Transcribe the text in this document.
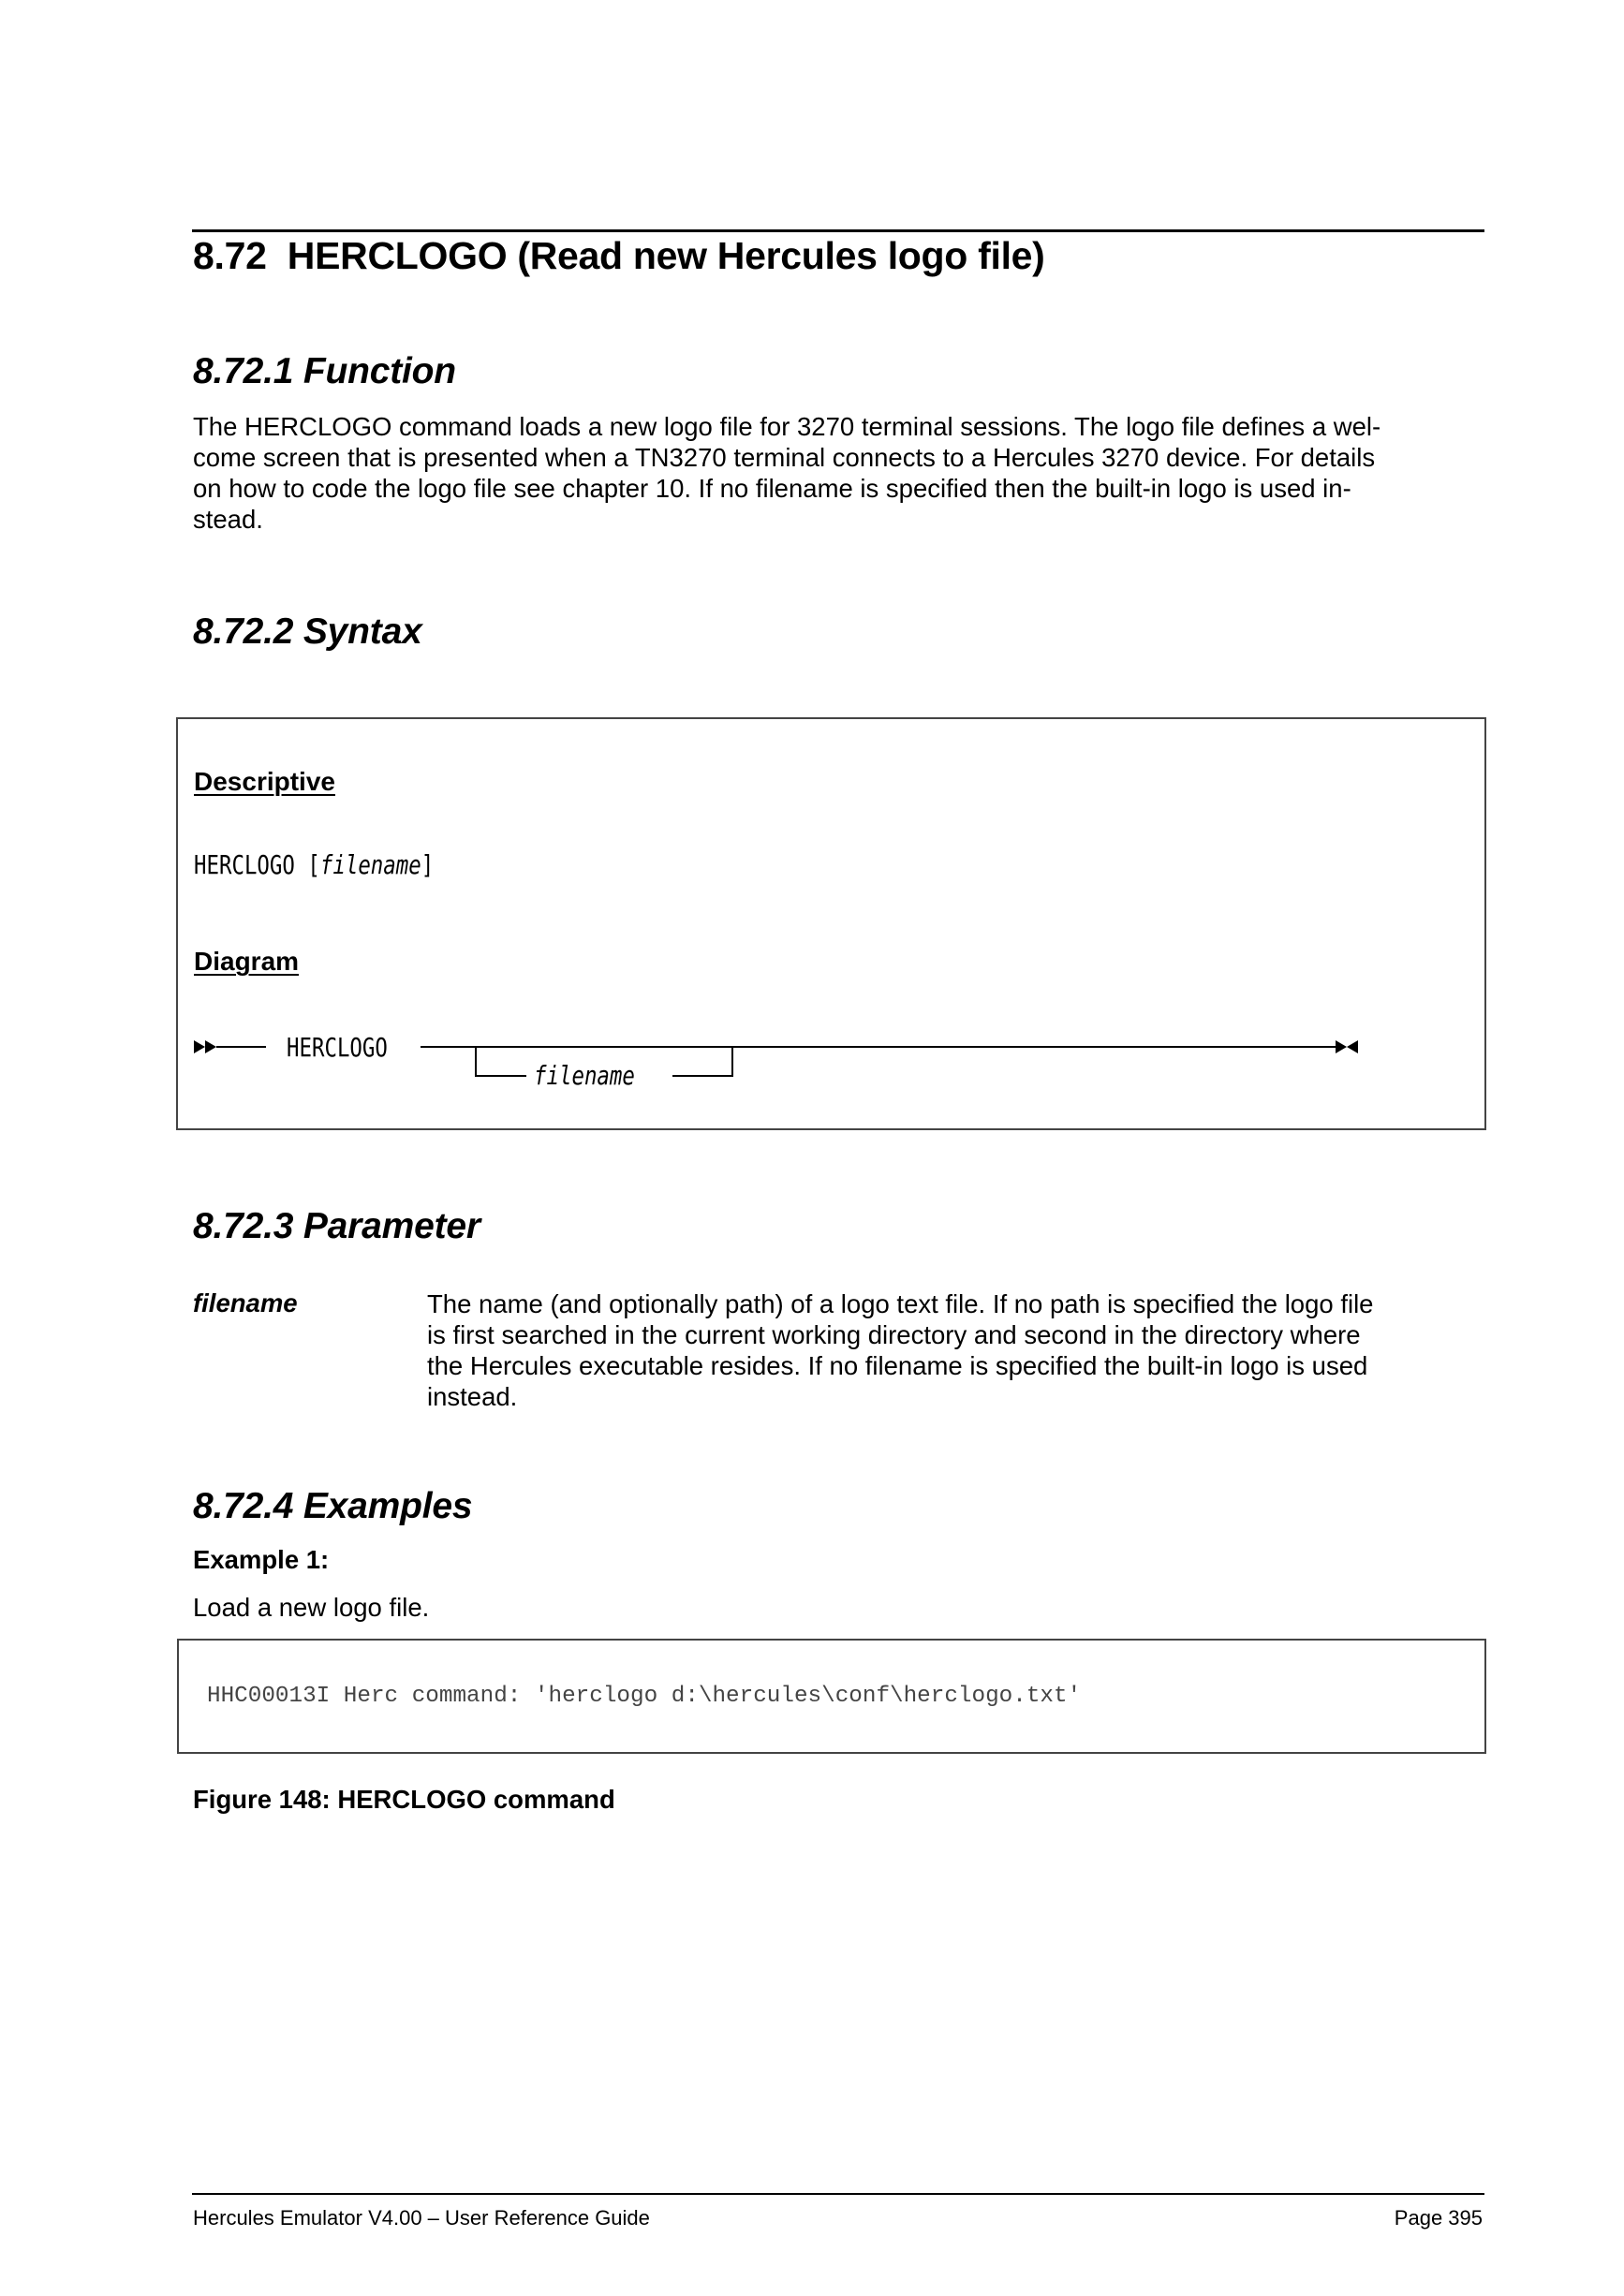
8.72 HERCLOGO (Read new Hercules logo file)
8.72.1 Function
The HERCLOGO command loads a new logo file for 3270 terminal sessions. The logo file defines a wel-
come screen that is presented when a TN3270 terminal connects to a Hercules 3270 device. For details
on how to code the logo file see chapter 10. If no filename is specified then the built-in logo is used in-
stead.
8.72.2 Syntax
Descriptive
HERCLOGO [filename]
Diagram
HERCLOGO
filename
8.72.3 Parameter
filename	The name (and optionally path) of a logo text file. If no path is specified the logo file
is first searched in the current working directory and second in the directory where
the Hercules executable resides. If no filename is specified the built-in logo is used
instead.
8.72.4 Examples
Example 1:
Load a new logo file.
HHC00013I Herc command: 'herclogo d:\hercules\conf\herclogo.txt'
Figure 148: HERCLOGO command
Hercules Emulator V4.00 – User Reference Guide	Page 395
